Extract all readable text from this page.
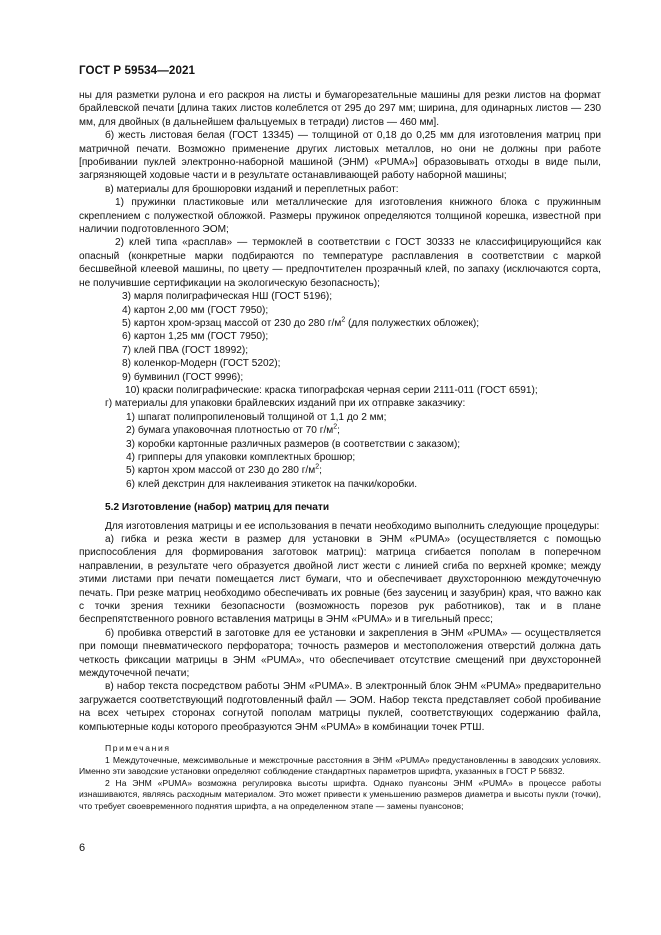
ГОСТ Р 59534—2021

ны для разметки рулона и его раскроя на листы и бумагорезательные машины для резки листов на формат брайлевской печати [длина таких листов колеблется от 295 до 297 мм; ширина, для одинарных листов — 230 мм, для двойных (в дальнейшем фальцуемых в тетради) листов — 460 мм].

б) жесть листовая белая (ГОСТ 13345) — толщиной от 0,18 до 0,25 мм для изготовления матриц при матричной печати. Возможно применение других листовых металлов, но они не должны при работе [пробивании пуклей электронно-наборной машиной (ЭНМ) «PUMA»] образовывать отходы в виде пыли, загрязняющей ходовые части и в результате останавливающей работу наборной машины;

в) материалы для брошюровки изданий и переплетных работ:

1) пружинки пластиковые или металлические для изготовления книжного блока с пружинным скреплением с полужесткой обложкой. Размеры пружинок определяются толщиной корешка, известной при наличии подготовленного ЭОМ;

2) клей типа «расплав» — термоклей в соответствии с ГОСТ 30333 не классифицирующийся как опасный (конкретные марки подбираются по температуре расплавления в соответствии с маркой бесшвейной клеевой машины, по цвету — предпочтителен прозрачный клей, по запаху (исключаются сорта, не получившие сертификации на экологическую безопасность);

3) марля полиграфическая НШ (ГОСТ 5196);

4) картон 2,00 мм (ГОСТ 7950);

5) картон хром-эрзац массой от 230 до 280 $г/м^2$ (для полужестких обложек);

6) картон 1,25 мм (ГОСТ 7950);

7) клей ПВА (ГОСТ 18992);

8) коленкор-Модерн (ГОСТ 5202);

9) бумвинил (ГОСТ 9996);

10) краски полиграфические: краска типографская черная серии 2111-011 (ГОСТ 6591);

г) материалы для упаковки брайлевских изданий при их отправке заказчику:

1) шпагат полипропиленовый толщиной от 1,1 до 2 мм;

2) бумага упаковочная плотностью от 70 $г/м^2$;

3) коробки картонные различных размеров (в соответствии с заказом);

4) грипперы для упаковки комплектных брошюр;

5) картон хром массой от 230 до 280 $г/м^2$;

6) клей декстрин для наклеивания этикеток на пачки/коробки.

5.2 Изготовление (набор) матриц для печати

Для изготовления матрицы и ее использования в печати необходимо выполнить следующие процедуры:

а) гибка и резка жести в размер для установки в ЭНМ «PUMA» (осуществляется с помощью приспособления для формирования заготовок матриц): матрица сгибается пополам в поперечном направлении, в результате чего образуется двойной лист жести с линией сгиба по верхней кромке; между этими листами при печати помещается лист бумаги, что и обеспечивает двухстороннюю междуточечную печать. При резке матриц необходимо обеспечивать их ровные (без заусениц и зазубрин) края, что важно как с точки зрения техники безопасности (возможность порезов рук работников), так и в плане беспрепятственного ровного вставления матрицы в ЭНМ «PUMA» и в тигельный пресс;

б) пробивка отверстий в заготовке для ее установки и закрепления в ЭНМ «PUMA» — осуществляется при помощи пневматического перфоратора; точность размеров и местоположения отверстий должна дать четкость фиксации матрицы в ЭНМ «PUMA», что обеспечивает отсутствие смещений при двухсторонней междуточечной печати;

в) набор текста посредством работы ЭНМ «PUMA». В электронный блок ЭНМ «PUMA» предварительно загружается соответствующий подготовленный файл — ЭОМ. Набор текста представляет собой пробивание на всех четырех сторонах согнутой пополам матрицы пуклей, соответствующих содержанию файла, компьютерные коды которого преобразуются ЭНМ «PUMA» в комбинации точек РТШ.

Примечания

1 Междуточечные, межсимвольные и межстрочные расстояния в ЭНМ «PUMA» предустановленны в заводских условиях. Именно эти заводские установки определяют соблюдение стандартных параметров шрифта, указанных в ГОСТ Р 56832.

2 На ЭНМ «PUMA» возможна регулировка высоты шрифта. Однако пуансоны ЭНМ «PUMA» в процессе работы изнашиваются, являясь расходным материалом. Это может привести к уменьшению размеров диаметра и высоты пукли (точки), что требует своевременного поднятия шрифта, а на определенном этапе — замены пуансонов;

6
